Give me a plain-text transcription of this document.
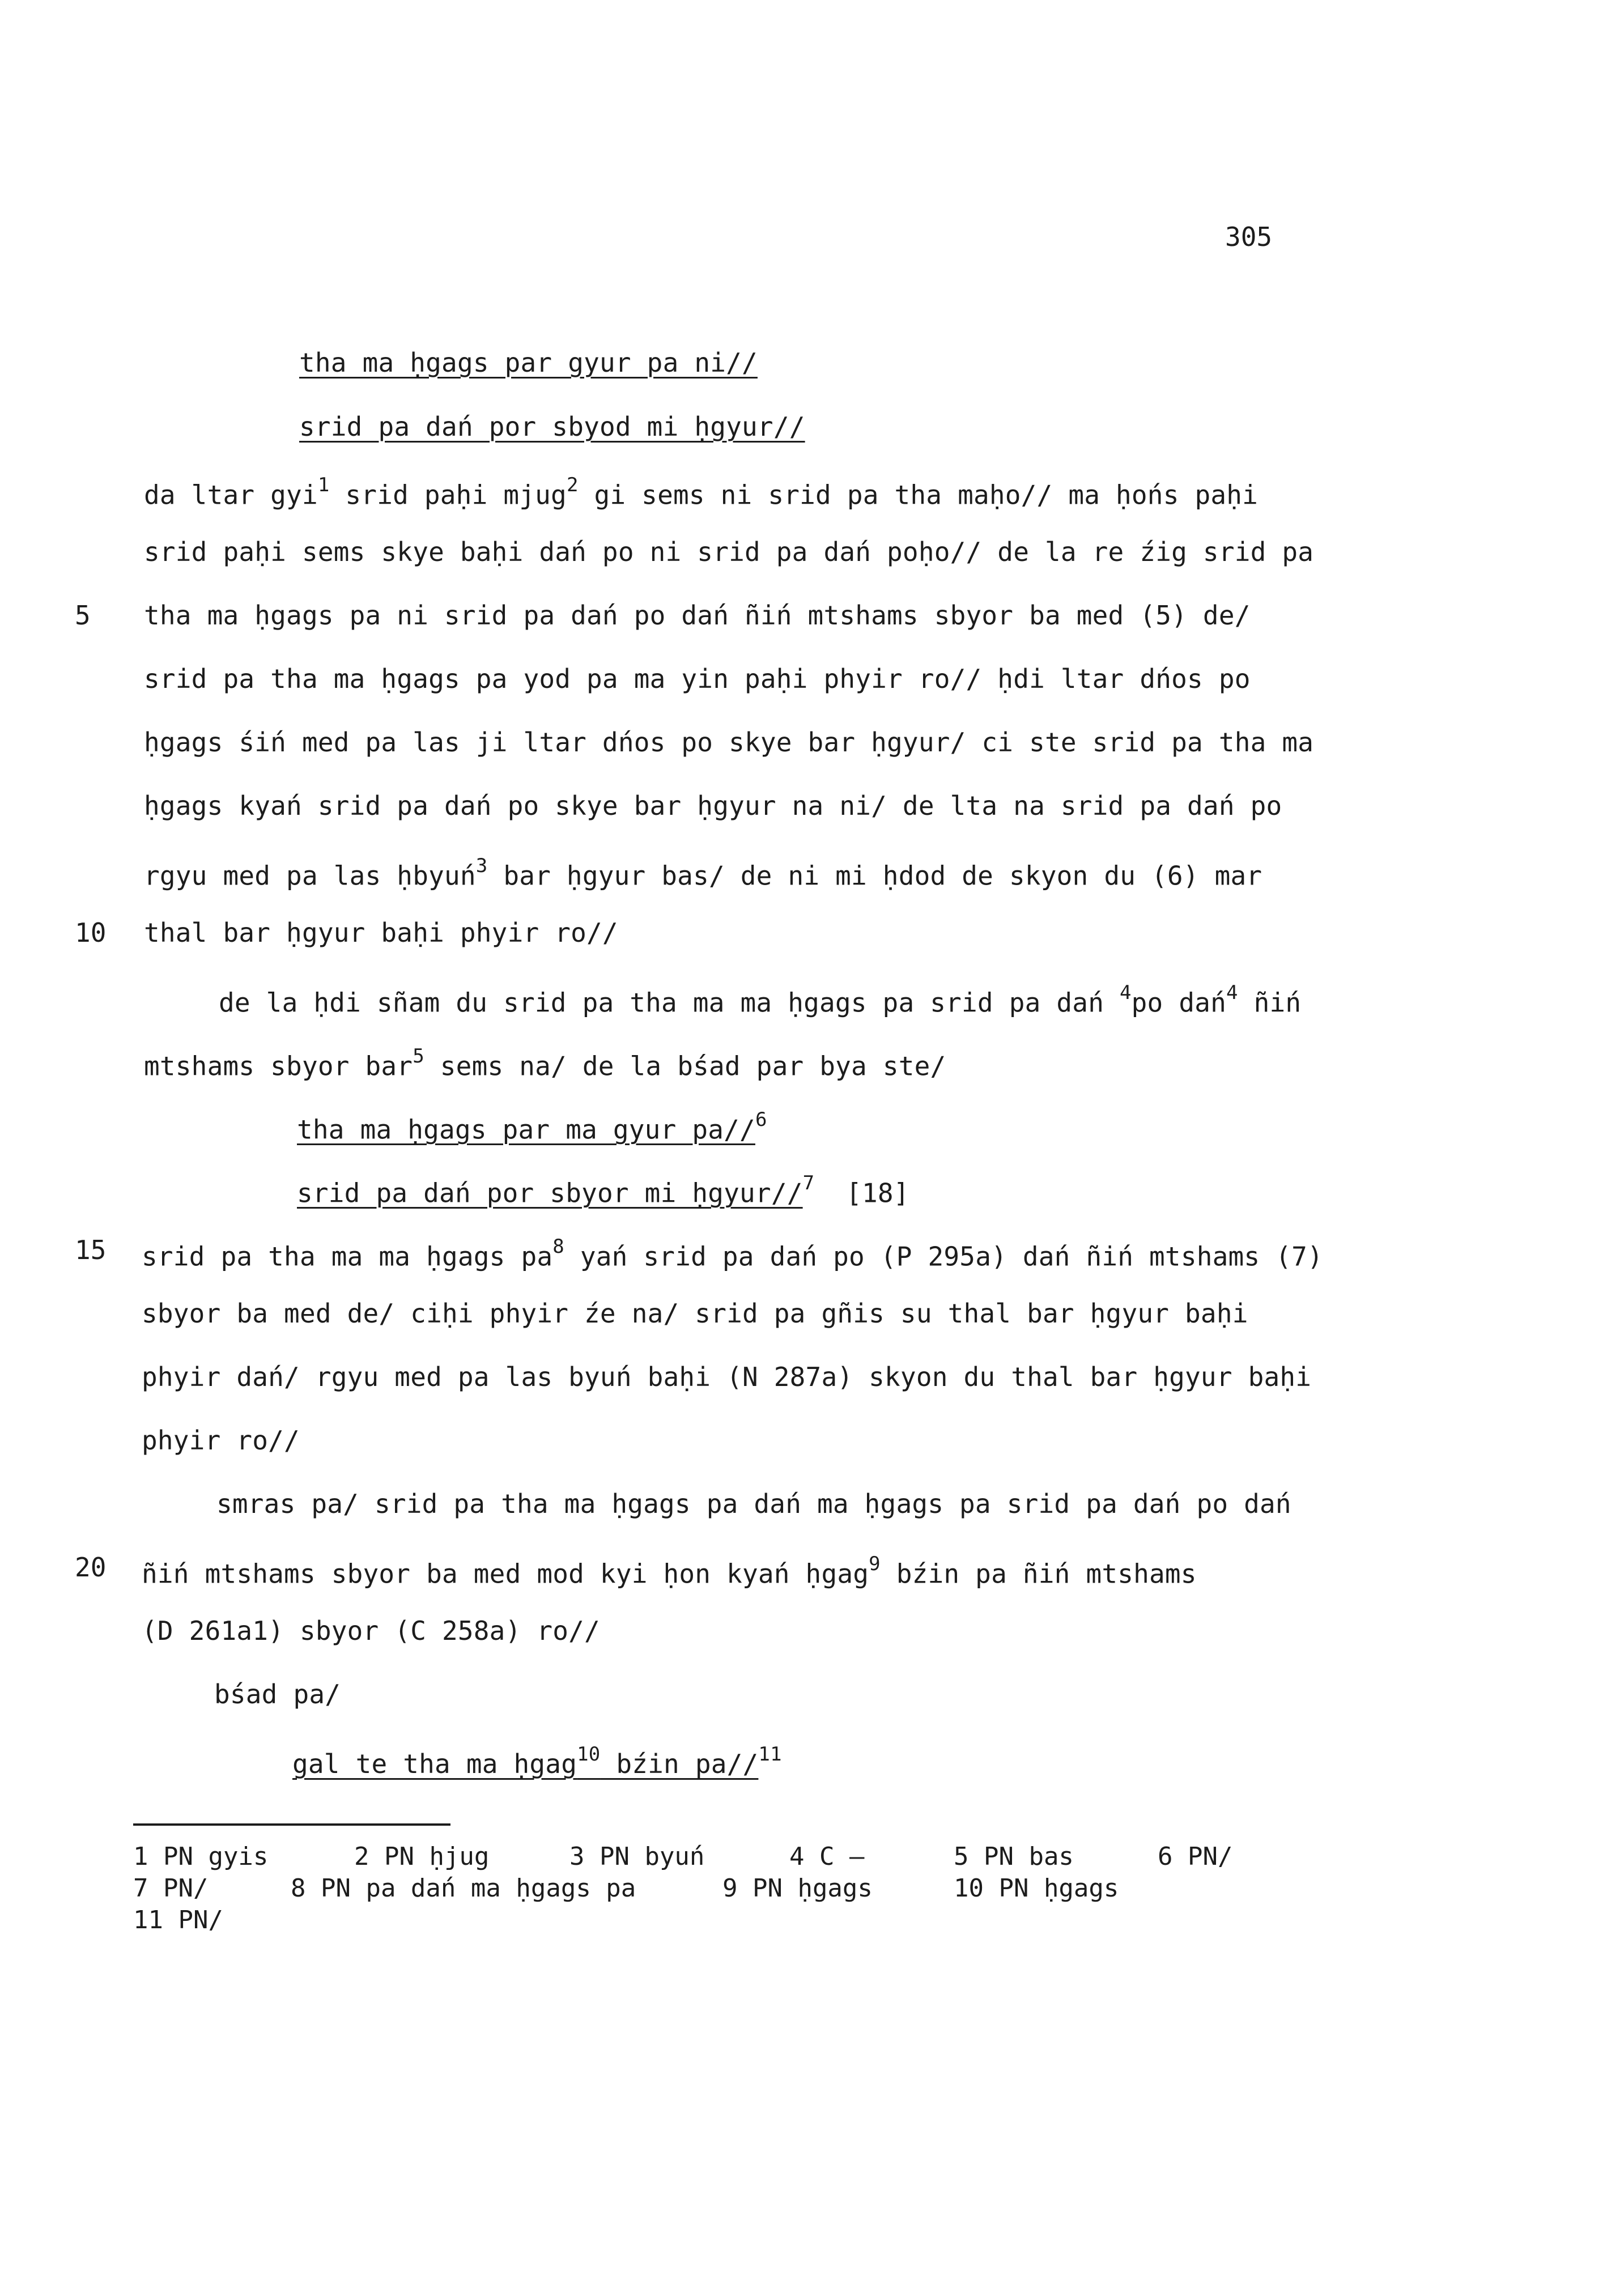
305
tha ma ḥgags par gyur pa ni//
srid pa dań por sbyod mi ḥgyur//
da ltar gyi$^1$ srid paḥi mjug$^2$ gi sems ni srid pa tha maḥo// ma ḥońs paḥi
srid paḥi sems skye baḥi dań po ni srid pa dań poḥo// de la re źig srid pa
5 tha ma ḥgags pa ni srid pa dań po dań ñiń mtshams sbyor ba med (5) de/
srid pa tha ma ḥgags pa yod pa ma yin paḥi phyir ro// ḥdi ltar dńos po
ḥgags śiń med pa las ji ltar dńos po skye bar ḥgyur/ ci ste srid pa tha ma
ḥgags kyań srid pa dań po skye bar ḥgyur na ni/ de lta na srid pa dań po
rgyu med pa las ḥbyuń$^3$ bar ḥgyur bas/ de ni mi ḥdod de skyon du (6) mar
10 thal bar ḥgyur baḥi phyir ro//
de la ḥdi sñam du srid pa tha ma ma ḥgags pa srid pa dań $^4$po dań$^4$ ñiń
mtshams sbyor bar$^5$ sems na/ de la bśad par bya ste/
tha ma ḥgags par ma gyur pa//$^6$
srid pa dań por sbyor mi ḥgyur//$^7$ [18]
15 srid pa tha ma ma ḥgags $pa^8$ yań srid pa dań po (P 295a) dań ñiń mtshams (7)
sbyor ba med de/ ciḥi phyir źe na/ srid pa gñis su thal bar ḥgyur baḥi
phyir dań/ rgyu med pa las byuń baḥi (N 287a) skyon du thal bar ḥgyur baḥi
phyir ro//
smras pa/ srid pa tha ma ḥgags pa dań ma ḥgags pa srid pa dań po dań
20 ñiń mtshams sbyor ba med mod kyi ḥon kyań ḥgag$^9$ bźin pa ñiń mtshams
(D 261a1) sbyor (C 258a) ro//
bśad pa/
gal te tha ma ḥgag$^{10}$ bźin pa//$^{11}$
1 PN gyis	2 PN ḥjug	3 PN byuń	4 C —	5 PN bas	6 PN/
7 PN/	8 PN pa dań ma ḥgags pa	9 PN ḥgags	10 PN ḥgags
11 PN/
